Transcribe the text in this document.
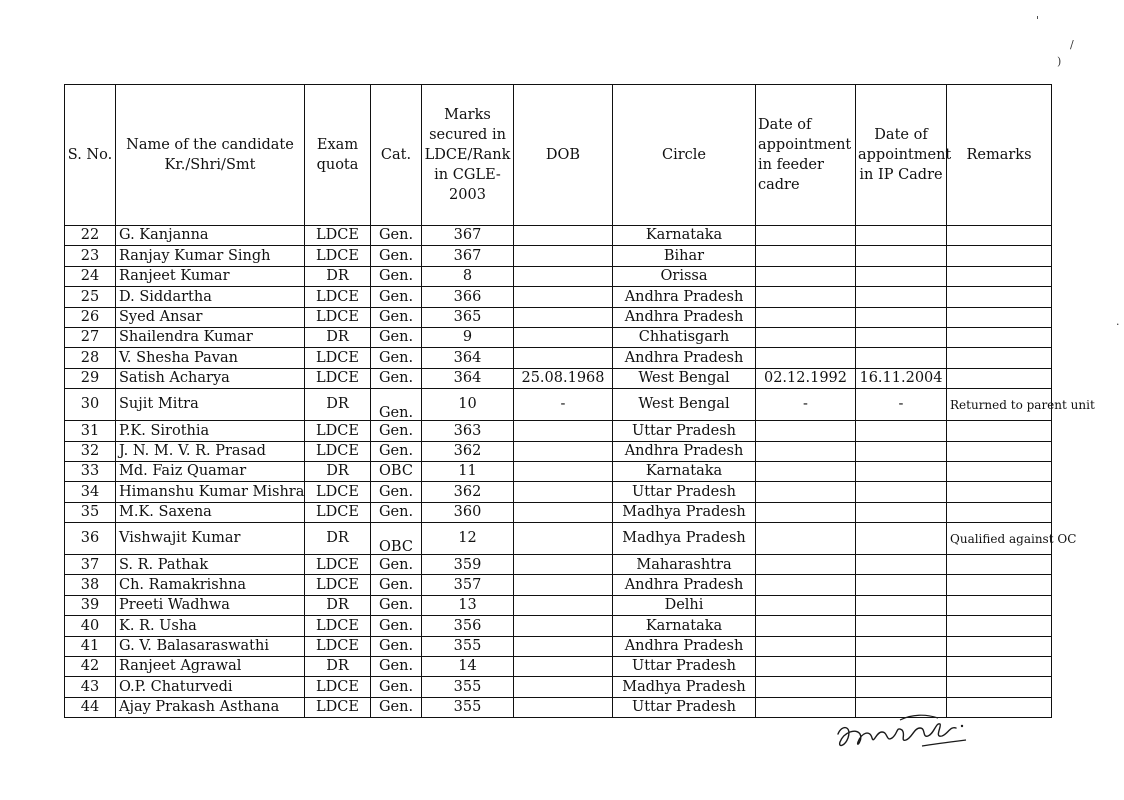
'
/
)
·
S. No.	Name of the candidate Kr./Shri/Smt	Exam quota	Cat.	Marks secured in LDCE/Rank in CGLE-2003	DOB	Circle	Date of appointment in feeder cadre	Date of appointment in IP Cadre	Remarks
22	G. Kanjanna	LDCE	Gen.	367		Karnataka			
23	Ranjay Kumar Singh	LDCE	Gen.	367		Bihar			
24	Ranjeet Kumar	DR	Gen.	8		Orissa			
25	D. Siddartha	LDCE	Gen.	366		Andhra Pradesh			
26	Syed Ansar	LDCE	Gen.	365		Andhra Pradesh			
27	Shailendra Kumar	DR	Gen.	9		Chhatisgarh			
28	V. Shesha Pavan	LDCE	Gen.	364		Andhra Pradesh			
29	Satish Acharya	LDCE	Gen.	364	25.08.1968	West Bengal	02.12.1992	16.11.2004	
30	Sujit Mitra	DR	Gen.	10	-	West Bengal	-	-	Returned to parent unit
31	P.K. Sirothia	LDCE	Gen.	363		Uttar Pradesh			
32	J. N. M. V. R. Prasad	LDCE	Gen.	362		Andhra Pradesh			
33	Md. Faiz Quamar	DR	OBC	11		Karnataka			
34	Himanshu Kumar Mishra	LDCE	Gen.	362		Uttar Pradesh			
35	M.K. Saxena	LDCE	Gen.	360		Madhya Pradesh			
36	Vishwajit Kumar	DR	OBC	12		Madhya Pradesh			Qualified against OC
37	S. R. Pathak	LDCE	Gen.	359		Maharashtra			
38	Ch. Ramakrishna	LDCE	Gen.	357		Andhra Pradesh			
39	Preeti Wadhwa	DR	Gen.	13		Delhi			
40	K. R. Usha	LDCE	Gen.	356		Karnataka			
41	G. V. Balasaraswathi	LDCE	Gen.	355		Andhra Pradesh			
42	Ranjeet Agrawal	DR	Gen.	14		Uttar Pradesh			
43	O.P. Chaturvedi	LDCE	Gen.	355		Madhya Pradesh			
44	Ajay Prakash Asthana	LDCE	Gen.	355		Uttar Pradesh			
